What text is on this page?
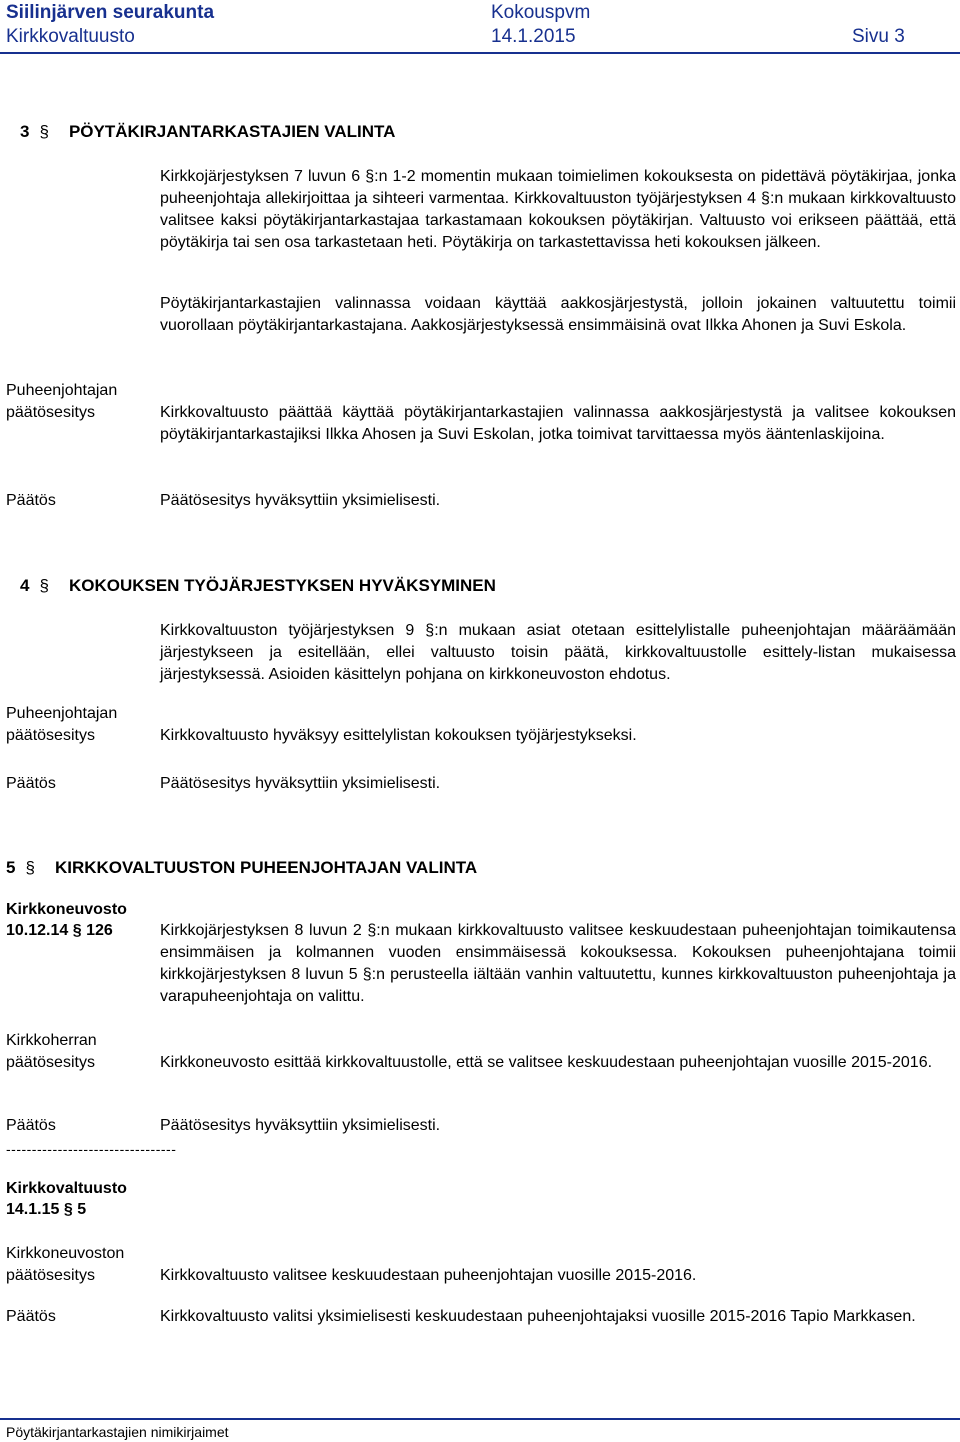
Siilinjärven seurakunta	Kokouspvm
Kirkkovaltuusto	14.1.2015	Sivu 3
3 § PÖYTÄKIRJANTARKASTAJIEN VALINTA
Kirkkojärjestyksen 7 luvun 6 §:n 1-2 momentin mukaan toimielimen kokouksesta on pidettävä pöytäkirjaa, jonka puheenjohtaja allekirjoittaa ja sihteeri varmentaa. Kirkkovaltuuston työjärjestyksen 4 §:n mukaan kirkkovaltuusto valitsee kaksi pöytäkirjantarkastajaa tarkastamaan kokouksen pöytäkirjan. Valtuusto voi erikseen päättää, että pöytäkirja tai sen osa tarkastetaan heti. Pöytäkirja on tarkastettavissa heti kokouksen jälkeen.
Pöytäkirjantarkastajien valinnassa voidaan käyttää aakkosjärjestystä, jolloin jokainen valtuutettu toimii vuorollaan pöytäkirjantarkastajana. Aakkosjärjestyksessä ensimmäisinä ovat Ilkka Ahonen ja Suvi Eskola.
Puheenjohtajan
päätösesitys	Kirkkovaltuusto päättää käyttää pöytäkirjantarkastajien valinnassa aakkosjärjestystä ja valitsee kokouksen pöytäkirjantarkastajiksi Ilkka Ahosen ja Suvi Eskolan, jotka toimivat tarvittaessa myös ääntenlaskijoina.
Päätös	Päätösesitys hyväksyttiin yksimielisesti.
4 § KOKOUKSEN TYÖJÄRJESTYKSEN HYVÄKSYMINEN
Kirkkovaltuuston työjärjestyksen 9 §:n mukaan asiat otetaan esittelylistalle puheenjohtajan määräämään järjestykseen ja esitellään, ellei valtuusto toisin päätä, kirkkovaltuustolle esittely-listan mukaisessa järjestyksessä. Asioiden käsittelyn pohjana on kirkkoneuvoston ehdotus.
Puheenjohtajan
päätösesitys	Kirkkovaltuusto hyväksyy esittelylistan kokouksen työjärjestykseksi.
Päätös	Päätösesitys hyväksyttiin yksimielisesti.
5 § KIRKKOVALTUUSTON PUHEENJOHTAJAN VALINTA
Kirkkoneuvosto
10.12.14 § 126	Kirkkojärjestyksen 8 luvun 2 §:n mukaan kirkkovaltuusto valitsee keskuudestaan puheenjohtajan toimikautensa ensimmäisen ja kolmannen vuoden ensimmäisessä kokouksessa. Kokouksen puheenjohtajana toimii kirkkojärjestyksen 8 luvun 5 §:n perusteella iältään vanhin valtuutettu, kunnes kirkkovaltuuston puheenjohtaja ja varapuheenjohtaja on valittu.
Kirkkoherran
päätösesitys	Kirkkoneuvosto esittää kirkkovaltuustolle, että se valitsee keskuudestaan puheenjohtajan vuosille 2015-2016.
Päätös	Päätösesitys hyväksyttiin yksimielisesti.
---------------------------------
Kirkkovaltuusto
14.1.15 § 5
Kirkkoneuvoston
päätösesitys	Kirkkovaltuusto valitsee keskuudestaan puheenjohtajan vuosille 2015-2016.
Päätös	Kirkkovaltuusto valitsi yksimielisesti keskuudestaan puheenjohtajaksi vuosille 2015-2016 Tapio Markkasen.
Pöytäkirjantarkastajien nimikirjaimet
